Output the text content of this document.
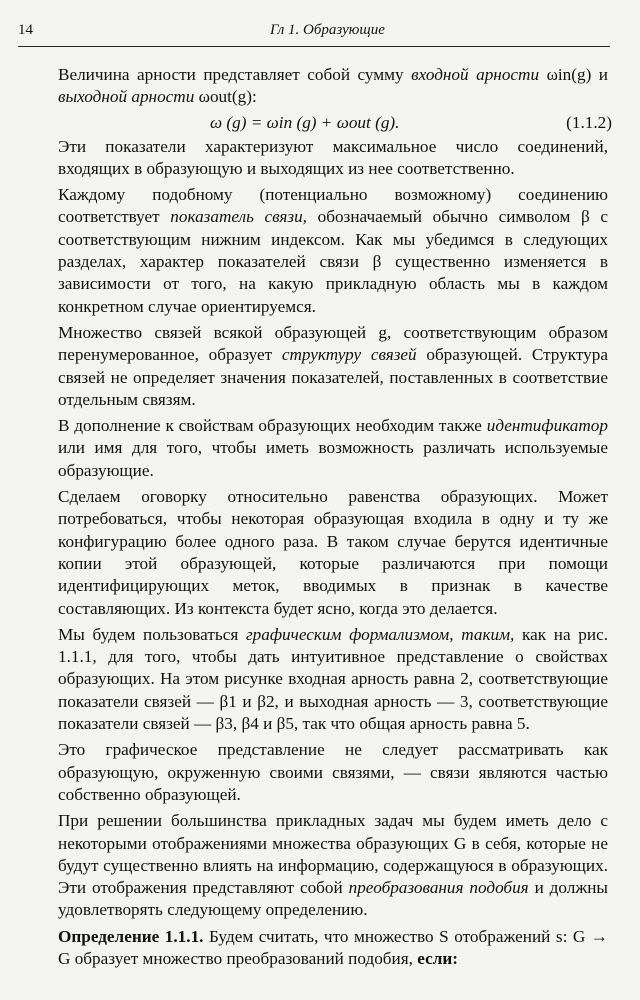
14	Гл 1. Образующие

Величина арности представляет собой сумму входной арности ωin(g) и выходной арности ωout(g):

ω (g) = ωin (g) + ωout (g).	(1.1.2)

Эти показатели характеризуют максимальное число соединений, входящих в образующую и выходящих из нее соответственно.

Каждому подобному (потенциально возможному) соединению соответствует показатель связи, обозначаемый обычно символом β с соответствующим нижним индексом. Как мы убедимся в следующих разделах, характер показателей связи β существенно изменяется в зависимости от того, на какую прикладную область мы в каждом конкретном случае ориентируемся.

Множество связей всякой образующей g, соответствующим образом перенумерованное, образует структуру связей образующей. Структура связей не определяет значения показателей, поставленных в соответствие отдельным связям.

В дополнение к свойствам образующих необходим также идентификатор или имя для того, чтобы иметь возможность различать используемые образующие.

Сделаем оговорку относительно равенства образующих. Может потребоваться, чтобы некоторая образующая входила в одну и ту же конфигурацию более одного раза. В таком случае берутся идентичные копии этой образующей, которые различаются при помощи идентифицирующих меток, вводимых в признак в качестве составляющих. Из контекста будет ясно, когда это делается.

Мы будем пользоваться графическим формализмом, таким, как на рис. 1.1.1, для того, чтобы дать интуитивное представление о свойствах образующих. На этом рисунке входная арность равна 2, соответствующие показатели связей — β1 и β2, и выходная арность — 3, соответствующие показатели связей — β3, β4 и β5, так что общая арность равна 5.

Это графическое представление не следует рассматривать как образующую, окруженную своими связями, — связи являются частью собственно образующей.

При решении большинства прикладных задач мы будем иметь дело с некоторыми отображениями множества образующих G в себя, которые не будут существенно влиять на информацию, содержащуюся в образующих. Эти отображения представляют собой преобразования подобия и должны удовлетворять следующему определению.

Определение 1.1.1. Будем считать, что множество S отображений s: G → G образует множество преобразований подобия, если:
